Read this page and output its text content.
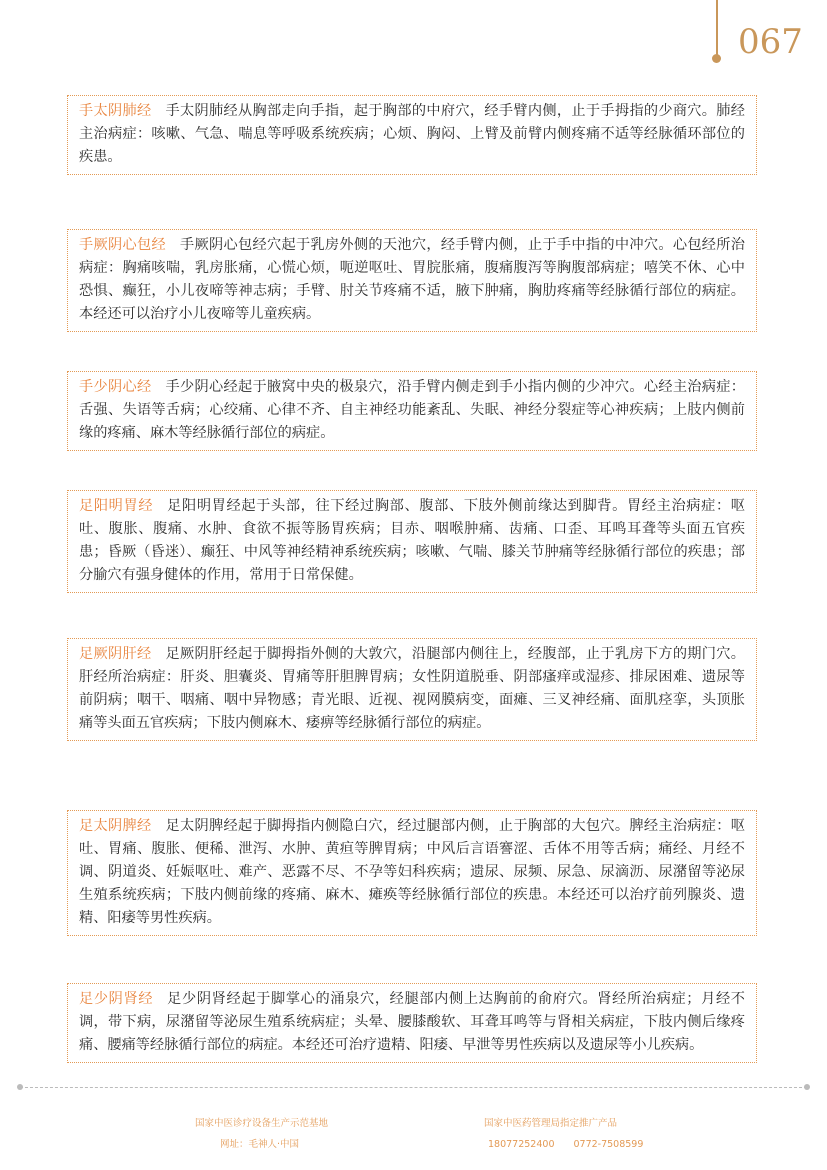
067
手太阴肺经 手太阴肺经从胸部走向手指，起于胸部的中府穴，经手臂内侧，止于手拇指的少商穴。肺经主治病症：咳嗽、气急、喘息等呼吸系统疾病；心烦、胸闷、上臂及前臂内侧疼痛不适等经脉循环部位的疾患。
手厥阴心包经 手厥阴心包经穴起于乳房外侧的天池穴，经手臂内侧，止于手中指的中冲穴。心包经所治病症：胸痛咳喘，乳房胀痛，心慌心烦，呃逆呕吐、胃脘胀痛，腹痛腹泻等胸腹部病症；嘻笑不休、心中恐惧、癫狂，小儿夜啼等神志病；手臂、肘关节疼痛不适，腋下肿痛，胸肋疼痛等经脉循行部位的病症。本经还可以治疗小儿夜啼等儿童疾病。
手少阴心经 手少阴心经起于腋窝中央的极泉穴，沿手臂内侧走到手小指内侧的少冲穴。心经主治病症：舌强、失语等舌病；心绞痛、心律不齐、自主神经功能紊乱、失眠、神经分裂症等心神疾病；上肢内侧前缘的疼痛、麻木等经脉循行部位的病症。
足阳明胃经 足阳明胃经起于头部，往下经过胸部、腹部、下肢外侧前缘达到脚背。胃经主治病症：呕吐、腹胀、腹痛、水肿、食欲不振等肠胃疾病；目赤、咽喉肿痛、齿痛、口歪、耳鸣耳聋等头面五官疾患；昏厥（昏迷）、癫狂、中风等神经精神系统疾病；咳嗽、气喘、膝关节肿痛等经脉循行部位的疾患；部分腧穴有强身健体的作用，常用于日常保健。
足厥阴肝经 足厥阴肝经起于脚拇指外侧的大敦穴，沿腿部内侧往上，经腹部，止于乳房下方的期门穴。肝经所治病症：肝炎、胆囊炎、胃痛等肝胆脾胃病；女性阴道脱垂、阴部瘙痒或湿疹、排尿困难、遗尿等前阴病；咽干、咽痛、咽中异物感；青光眼、近视、视网膜病变，面瘫、三叉神经痛、面肌痉挛，头顶胀痛等头面五官疾病；下肢内侧麻木、痿痹等经脉循行部位的病症。
足太阴脾经 足太阴脾经起于脚拇指内侧隐白穴，经过腿部内侧，止于胸部的大包穴。脾经主治病症：呕吐、胃痛、腹胀、便稀、泄泻、水肿、黄疸等脾胃病；中风后言语謇涩、舌体不用等舌病；痛经、月经不调、阴道炎、妊娠呕吐、难产、恶露不尽、不孕等妇科疾病；遗尿、尿频、尿急、尿滴沥、尿潴留等泌尿生殖系统疾病；下肢内侧前缘的疼痛、麻木、瘫痪等经脉循行部位的疾患。本经还可以治疗前列腺炎、遗精、阳痿等男性疾病。
足少阴肾经 足少阴肾经起于脚掌心的涌泉穴，经腿部内侧上达胸前的俞府穴。肾经所治病症；月经不调，带下病，尿潴留等泌尿生殖系统病症；头晕、腰膝酸软、耳聋耳鸣等与肾相关病症，下肢内侧后缘疼痛、腰痛等经脉循行部位的病症。本经还可治疗遗精、阳痿、早泄等男性疾病以及遗尿等小儿疾病。
国家中医诊疗设备生产示范基地
网址：毛神人·中国
国家中医药管理局指定推广产品
18077252400　　0772-7508599
